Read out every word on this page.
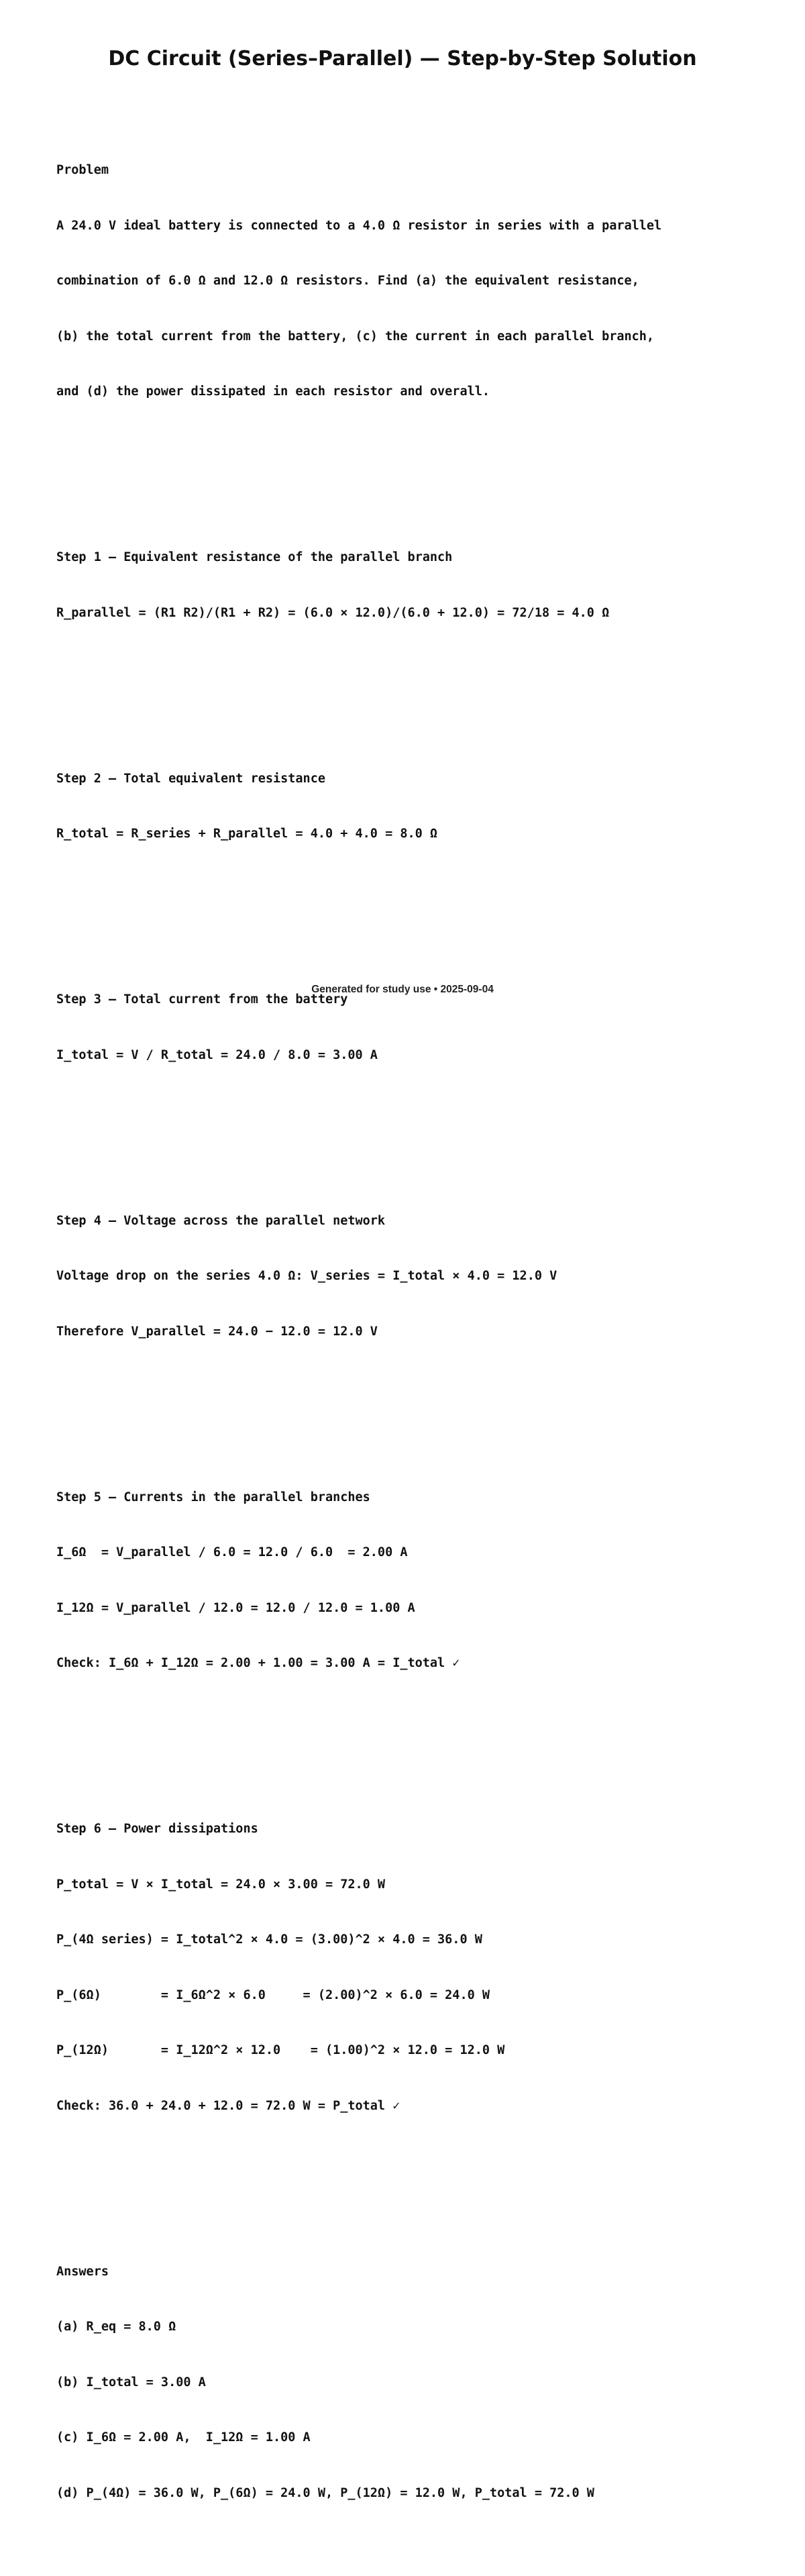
DC Circuit (Series–Parallel) — Step-by-Step Solution

Problem

A 24.0 V ideal battery is connected to a 4.0 Ω resistor in series with a parallel

combination of 6.0 Ω and 12.0 Ω resistors. Find (a) the equivalent resistance,

(b) the total current from the battery, (c) the current in each parallel branch,

and (d) the power dissipated in each resistor and overall.

Step 1 – Equivalent resistance of the parallel branch

R_parallel = (R1 R2)/(R1 + R2) = (6.0 × 12.0)/(6.0 + 12.0) = 72/18 = 4.0 Ω

Step 2 – Total equivalent resistance

R_total = R_series + R_parallel = 4.0 + 4.0 = 8.0 Ω

Step 3 – Total current from the battery

I_total = V / R_total = 24.0 / 8.0 = 3.00 A

Step 4 – Voltage across the parallel network

Voltage drop on the series 4.0 Ω: V_series = I_total × 4.0 = 12.0 V

Therefore V_parallel = 24.0 − 12.0 = 12.0 V

Step 5 – Currents in the parallel branches

I_6Ω  = V_parallel / 6.0 = 12.0 / 6.0  = 2.00 A

I_12Ω = V_parallel / 12.0 = 12.0 / 12.0 = 1.00 A

Check: I_6Ω + I_12Ω = 2.00 + 1.00 = 3.00 A = I_total ✓

Step 6 – Power dissipations

P_total = V × I_total = 24.0 × 3.00 = 72.0 W

P_(4Ω series) = I_total^2 × 4.0 = (3.00)^2 × 4.0 = 36.0 W

P_(6Ω)        = I_6Ω^2 × 6.0     = (2.00)^2 × 6.0 = 24.0 W

P_(12Ω)       = I_12Ω^2 × 12.0    = (1.00)^2 × 12.0 = 12.0 W

Check: 36.0 + 24.0 + 12.0 = 72.0 W = P_total ✓

Answers

(a) R_eq = 8.0 Ω

(b) I_total = 3.00 A

(c) I_6Ω = 2.00 A,  I_12Ω = 1.00 A

(d) P_(4Ω) = 36.0 W, P_(6Ω) = 24.0 W, P_(12Ω) = 12.0 W, P_total = 72.0 W

Generated for study use • 2025-09-04
